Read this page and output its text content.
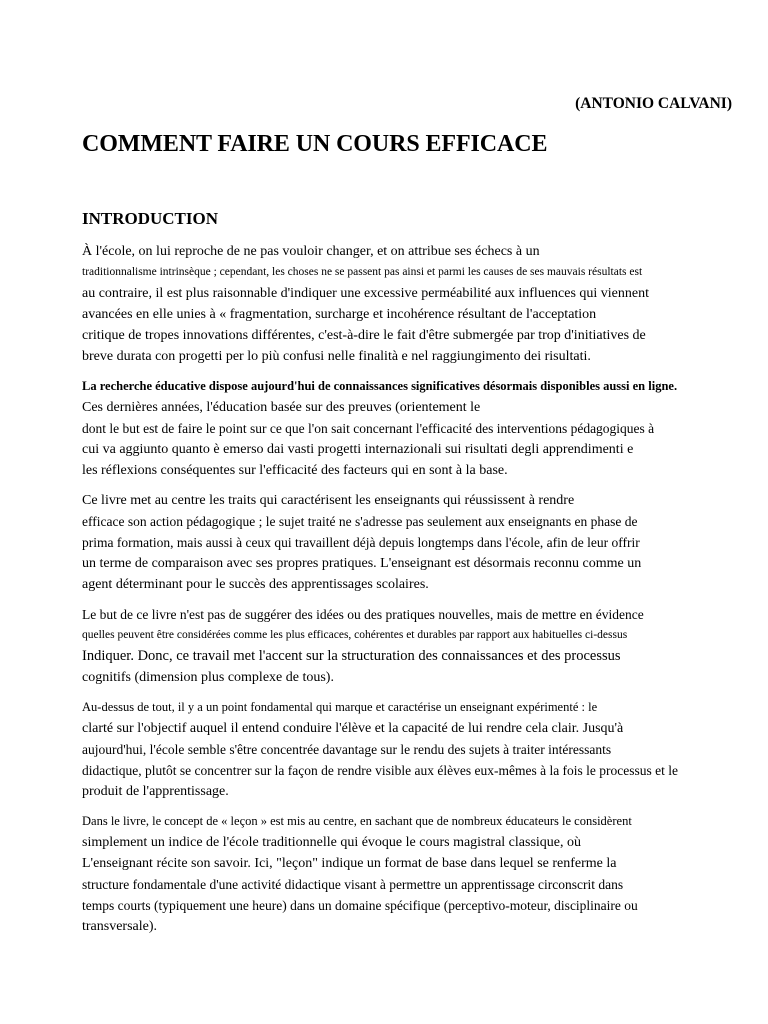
(ANTONIO CALVANI)
COMMENT FAIRE UN COURS EFFICACE
INTRODUCTION

À l'école, on lui reproche de ne pas vouloir changer, et on attribue ses échecs à un
traditionnalisme intrinsèque ; cependant, les choses ne se passent pas ainsi et parmi les causes de ses mauvais résultats est
au contraire, il est plus raisonnable d'indiquer une excessive perméabilité aux influences qui viennent
avancées en elle unies à « fragmentation, surcharge et incohérence résultant de l'acceptation
critique de tropes innovations différentes, c'est-à-dire le fait d'être submergée par trop d'initiatives de
breve durata con progetti per lo più confusi nelle finalità e nel raggiungimento dei risultati.

La recherche éducative dispose aujourd'hui de connaissances significatives désormais disponibles aussi en ligne.
Ces dernières années, l'éducation basée sur des preuves (orientement le
dont le but est de faire le point sur ce que l'on sait concernant l'efficacité des interventions pédagogiques à
cui va aggiunto quanto è emerso dai vasti progetti internazionali sui risultati degli apprendimenti e
les réflexions conséquentes sur l'efficacité des facteurs qui en sont à la base.

Ce livre met au centre les traits qui caractérisent les enseignants qui réussissent à rendre
efficace son action pédagogique ; le sujet traité ne s'adresse pas seulement aux enseignants en phase de
prima formation, mais aussi à ceux qui travaillent déjà depuis longtemps dans l'école, afin de leur offrir
un terme de comparaison avec ses propres pratiques. L'enseignant est désormais reconnu comme un
agent déterminant pour le succès des apprentissages scolaires.

Le but de ce livre n'est pas de suggérer des idées ou des pratiques nouvelles, mais de mettre en évidence
quelles peuvent être considérées comme les plus efficaces, cohérentes et durables par rapport aux habituelles ci-dessus
Indiquer. Donc, ce travail met l'accent sur la structuration des connaissances et des processus
cognitifs (dimension plus complexe de tous).

Au-dessus de tout, il y a un point fondamental qui marque et caractérise un enseignant expérimenté : le
clarté sur l'objectif auquel il entend conduire l'élève et la capacité de lui rendre cela clair. Jusqu'à
aujourd'hui, l'école semble s'être concentrée davantage sur le rendu des sujets à traiter intéressants
didactique, plutôt se concentrer sur la façon de rendre visible aux élèves eux-mêmes à la fois le processus et le
produit de l'apprentissage.

Dans le livre, le concept de « leçon » est mis au centre, en sachant que de nombreux éducateurs le considèrent
simplement un indice de l'école traditionnelle qui évoque le cours magistral classique, où
L'enseignant récite son savoir. Ici, "leçon" indique un format de base dans lequel se renferme la
structure fondamentale d'une activité didactique visant à permettre un apprentissage circonscrit dans
temps courts (typiquement une heure) dans un domaine spécifique (perceptivo-moteur, disciplinaire ou
transversale).
